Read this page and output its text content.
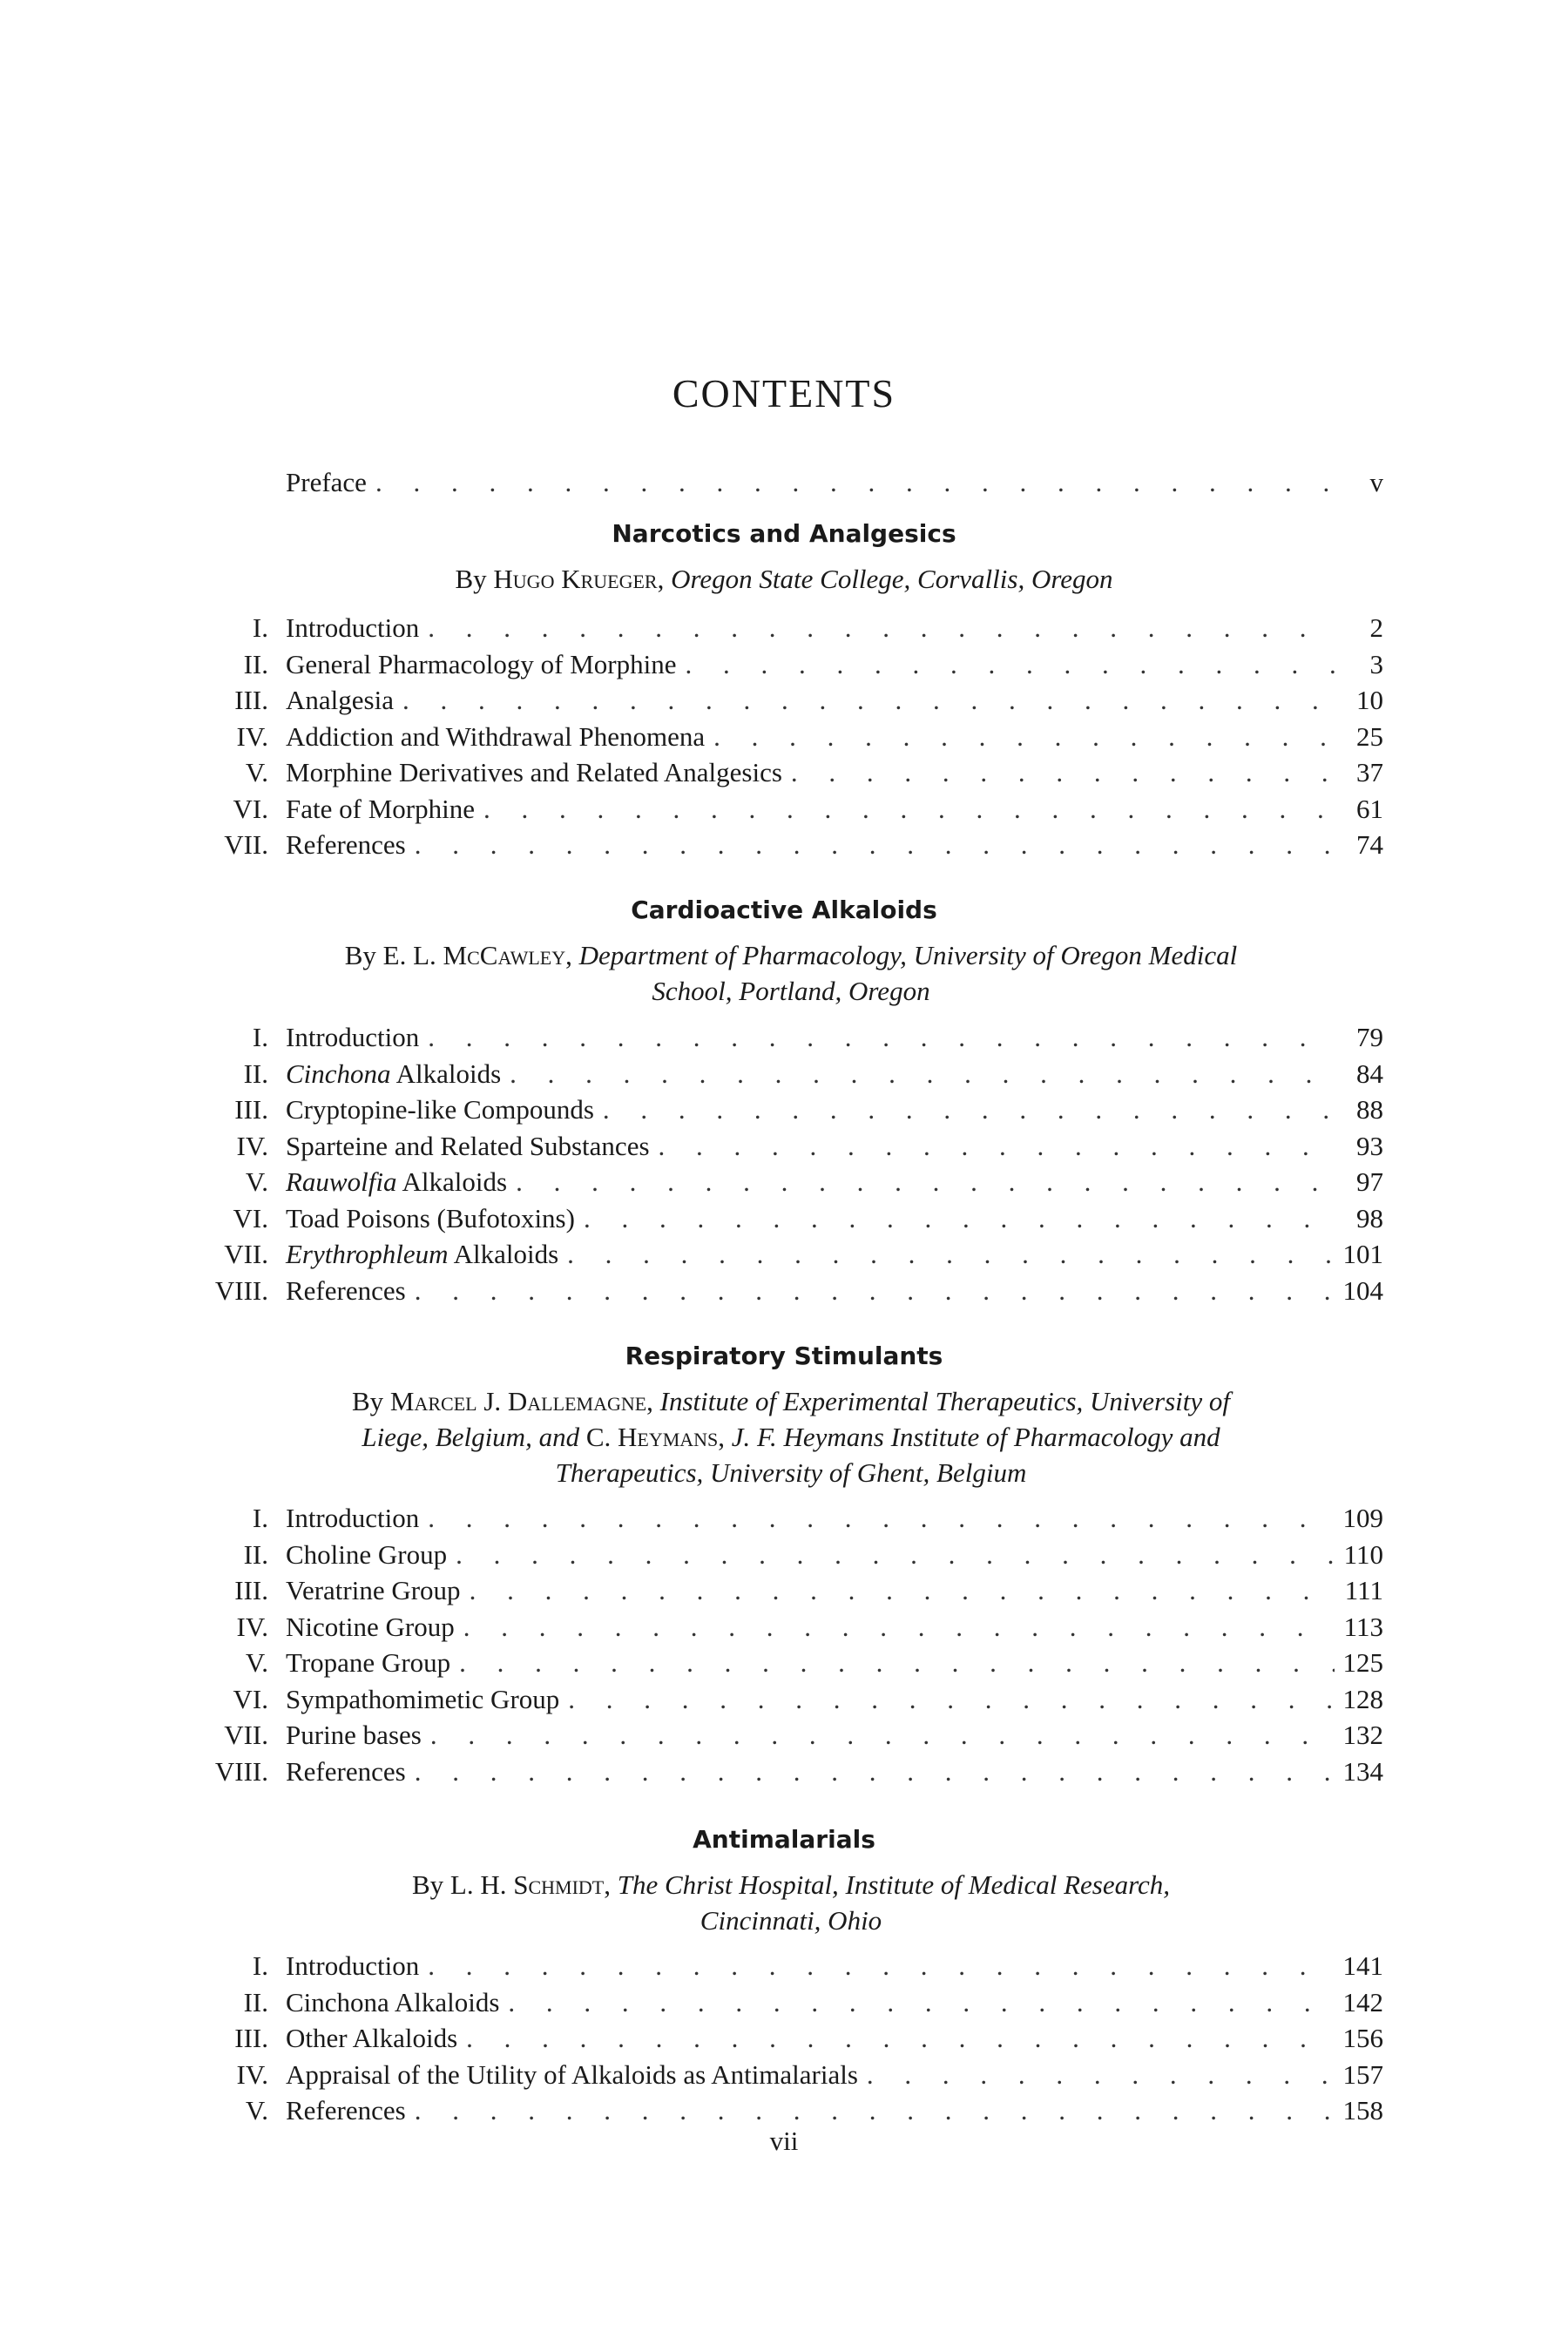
CONTENTS
Preface . . .	v
Narcotics and Analgesics
By Hugo Krueger, Oregon State College, Corvallis, Oregon
I. Introduction . . .	2
II. General Pharmacology of Morphine . . .	3
III. Analgesia . . .	10
IV. Addiction and Withdrawal Phenomena . . .	25
V. Morphine Derivatives and Related Analgesics . . .	37
VI. Fate of Morphine . . .	61
VII. References . . .	74
Cardioactive Alkaloids
By E. L. McCawley, Department of Pharmacology, University of Oregon Medical
School, Portland, Oregon
I. Introduction . . .	79
II. Cinchona Alkaloids . . .	84
III. Cryptopine-like Compounds . . .	88
IV. Sparteine and Related Substances . . .	93
V. Rauwolfia Alkaloids . . .	97
VI. Toad Poisons (Bufotoxins) . . .	98
VII. Erythrophleum Alkaloids . . .	101
VIII. References . . .	104
Respiratory Stimulants
By Marcel J. Dallemagne, Institute of Experimental Therapeutics, University of
Liege, Belgium, and C. Heymans, J. F. Heymans Institute of Pharmacology and
Therapeutics, University of Ghent, Belgium
I. Introduction . . .	109
II. Choline Group . . .	110
III. Veratrine Group . . .	111
IV. Nicotine Group . . .	113
V. Tropane Group . . .	125
VI. Sympathomimetic Group . . .	128
VII. Purine bases . . .	132
VIII. References . . .	134
Antimalarials
By L. H. Schmidt, The Christ Hospital, Institute of Medical Research,
Cincinnati, Ohio
I. Introduction . . .	141
II. Cinchona Alkaloids . . .	142
III. Other Alkaloids . . .	156
IV. Appraisal of the Utility of Alkaloids as Antimalarials . . .	157
V. References . . .	158
vii
